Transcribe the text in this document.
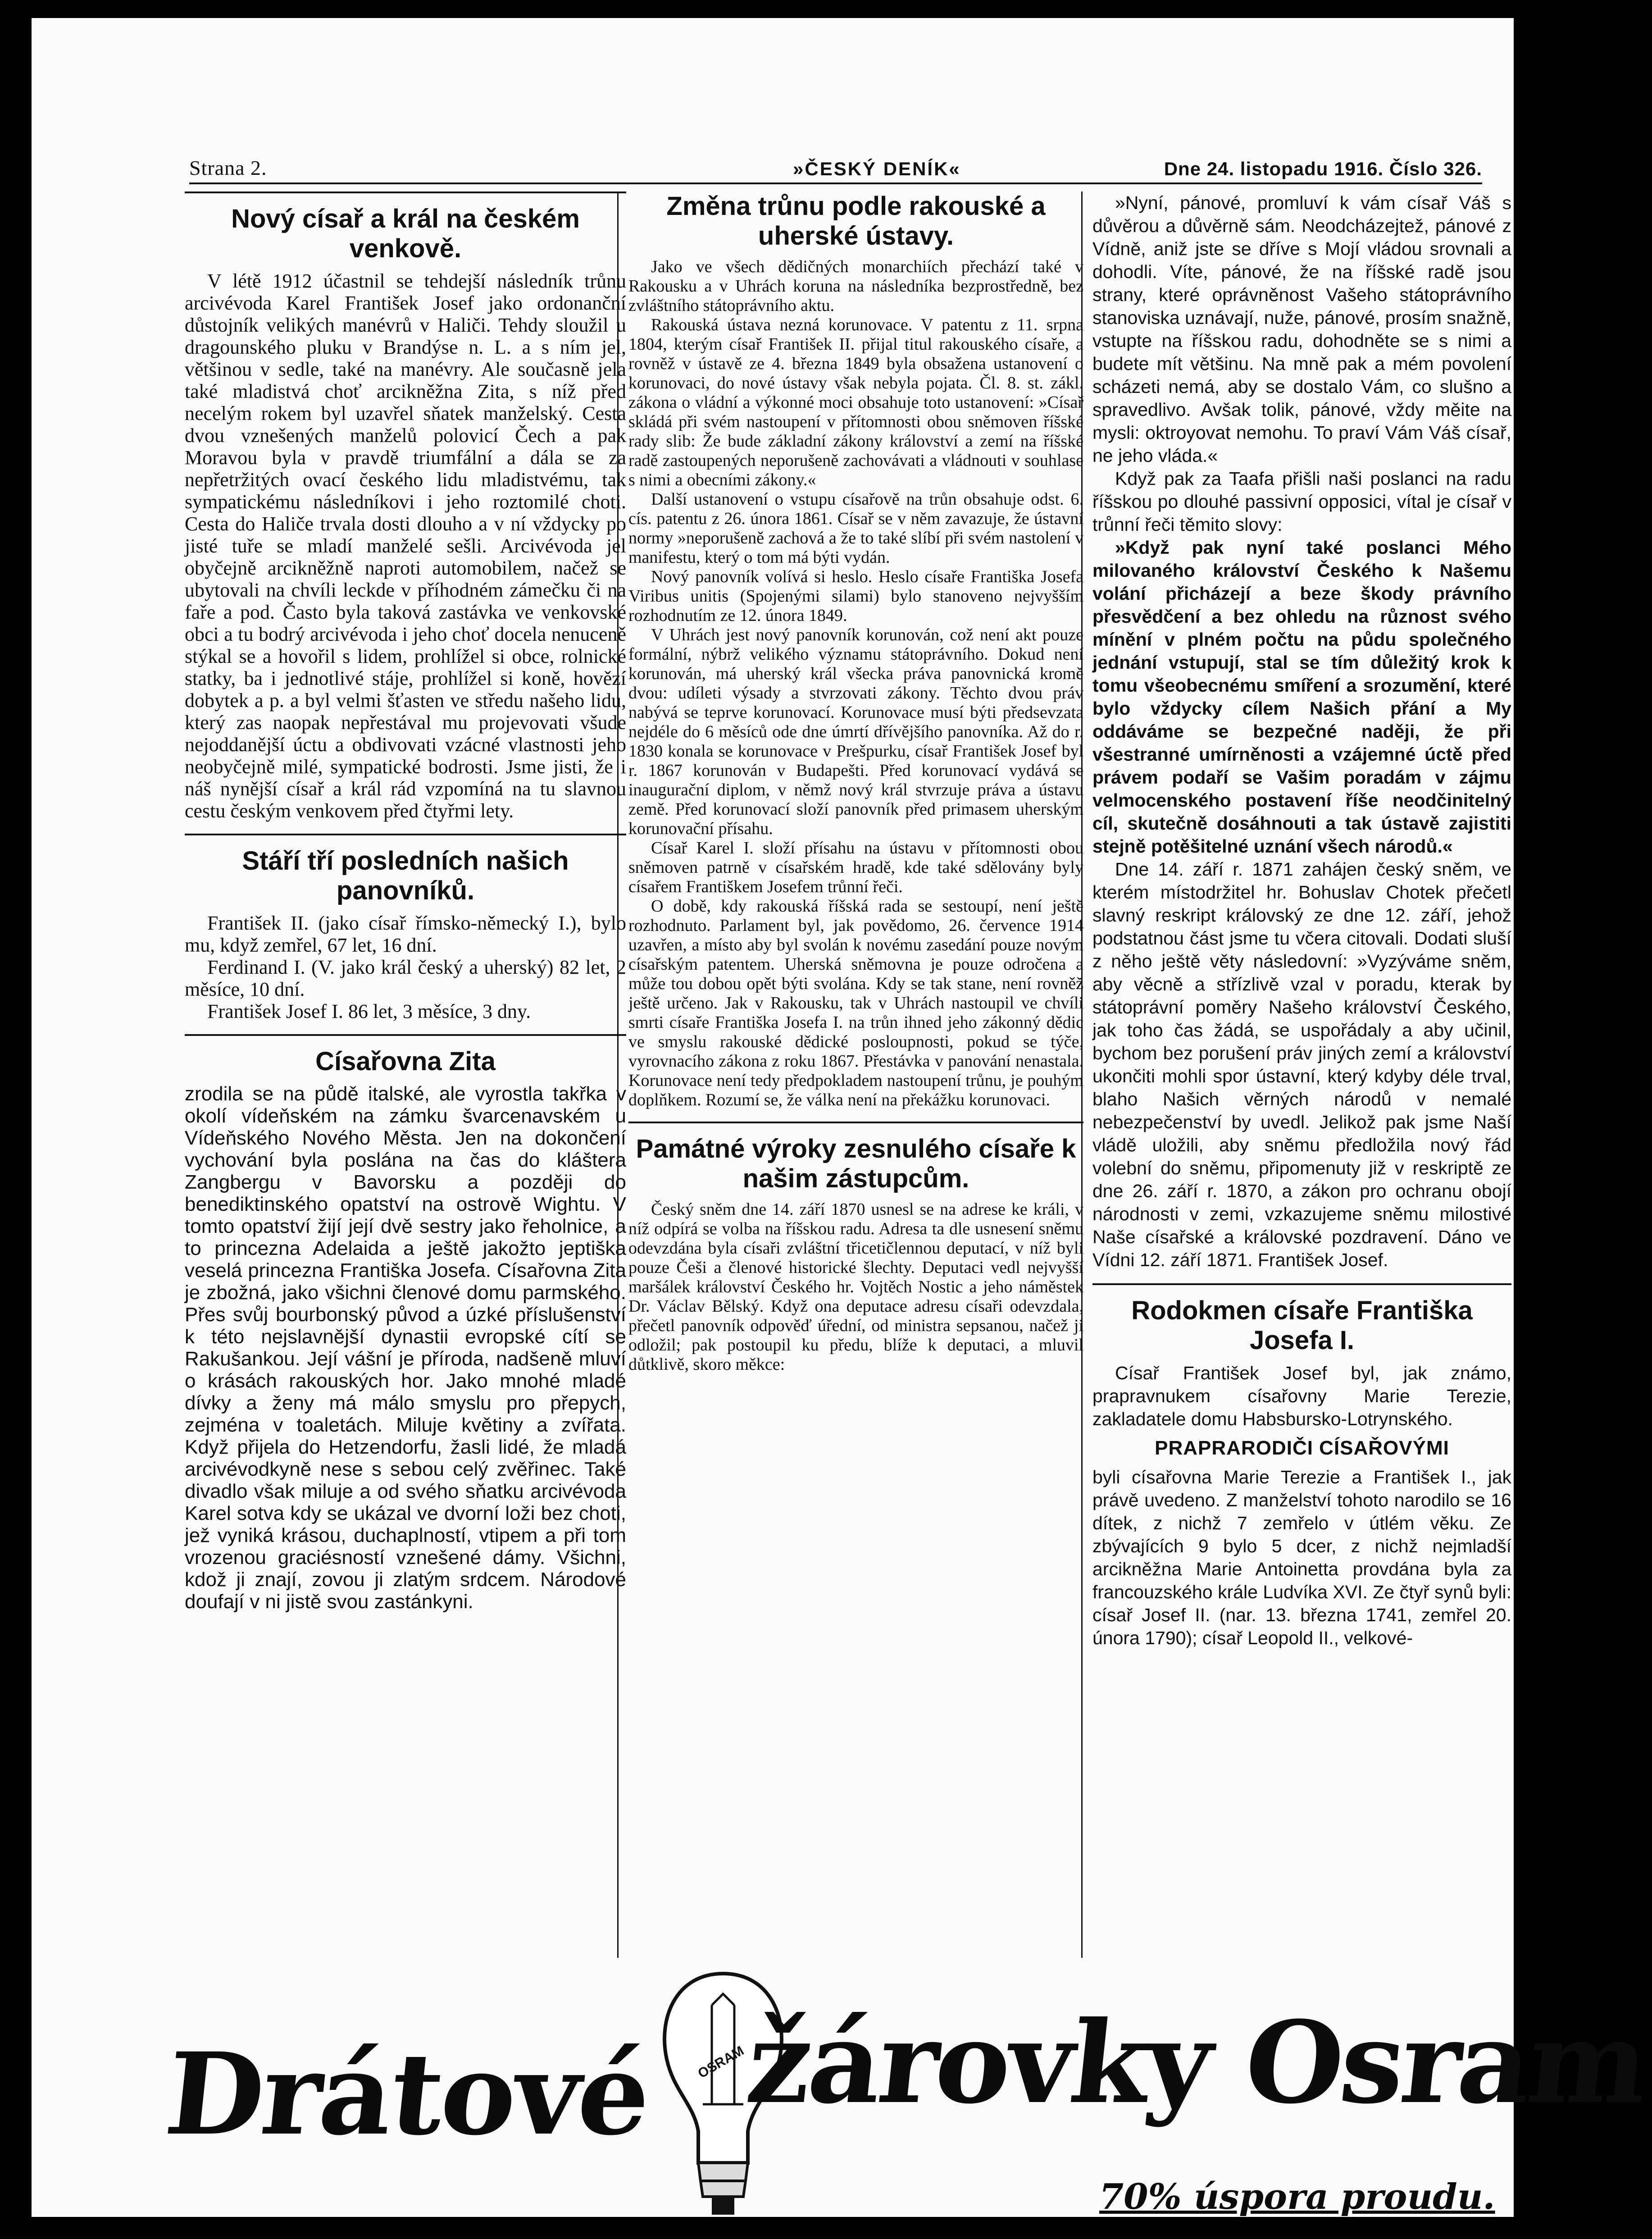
Strana 2.	»ČESKÝ DENÍK«	Dne 24. listopadu 1916. Číslo 326.
Nový císař a král na českém venkově.

V létě 1912 účastnil se tehdejší následník trůnu arcivévoda Karel František Josef jako ordonanční důstojník velikých manévrů v Haliči. Tehdy sloužil u dragounského pluku v Brandýse n. L. a s ním jel, většinou v sedle, také na manévry. Ale současně jela také mladistvá choť arcikněžna Zita, s níž před necelým rokem byl uzavřel sňatek manželský. Cesta dvou vznešených manželů polovicí Čech a pak Moravou byla v pravdě triumfální a dála se za nepřetržitých ovací českého lidu mladistvému, tak sympatickému následníkovi i jeho roztomilé choti. Cesta do Haliče trvala dosti dlouho a v ní vždycky po jisté tuře se mladí manželé sešli. Arcivévoda jel obyčejně arcikněžně naproti automobilem, načež se ubytovali na chvíli leckde v příhodném zámečku či na faře a pod. Často byla taková zastávka ve venkovské obci a tu bodrý arcivévoda i jeho choť docela nenuceně stýkal se a hovořil s lidem, prohlížel si obce, rolnické statky, ba i jednotlivé stáje, prohlížel si koně, hovězí dobytek a p. a byl velmi šťasten ve středu našeho lidu, který zas naopak nepřestával mu projevovati všude nejoddanější úctu a obdivovati vzácné vlastnosti jeho neobyčejně milé, sympatické bodrosti. Jsme jisti, že i náš nynější císař a král rád vzpomíná na tu slavnou cestu českým venkovem před čtyřmi lety.

Stáří tří posledních našich panovníků.

František II. (jako císař římsko-německý I.), bylo mu, když zemřel, 67 let, 16 dní.

Ferdinand I. (V. jako král český a uherský) 82 let, 2 měsíce, 10 dní.

František Josef I. 86 let, 3 měsíce, 3 dny.

Císařovna Zita

zrodila se na půdě italské, ale vyrostla takřka v okolí vídeňském na zámku švarcenavském u Vídeňského Nového Města. Jen na dokončení vychování byla poslána na čas do kláštera Zangbergu v Bavorsku a později do benediktinského opatství na ostrově Wightu. V tomto opatství žijí její dvě sestry jako řeholnice, a to princezna Adelaida a ještě jakožto jeptiška veselá princezna Františka Josefa. Císařovna Zita je zbožná, jako všichni členové domu parmského. Přes svůj bourbonský původ a úzké příslušenství k této nejslavnější dynastii evropské cítí se Rakušankou. Její vášní je příroda, nadšeně mluví o krásách rakouských hor. Jako mnohé mladé dívky a ženy má málo smyslu pro přepych, zejména v toaletách. Miluje květiny a zvířata. Když přijela do Hetzendorfu, žasli lidé, že mladá arcivévodkyně nese s sebou celý zvěřinec. Také divadlo však miluje a od svého sňatku arcivévoda Karel sotva kdy se ukázal ve dvorní loži bez choti, jež vyniká krásou, duchaplností, vtipem a při tom vrozenou graciésností vznešené dámy. Všichni, kdož ji znají, zovou ji zlatým srdcem. Národové doufají v ni jistě svou zastánkyni.

Změna trůnu podle rakouské a uherské ústavy.

Jako ve všech dědičných monarchiích přechází také v Rakousku a v Uhrách koruna na následníka bezprostředně, bez zvláštního státoprávního aktu.

Rakouská ústava nezná korunovace. V patentu z 11. srpna 1804, kterým císař František II. přijal titul rakouského císaře, a rovněž v ústavě ze 4. března 1849 byla obsažena ustanovení o korunovaci, do nové ústavy však nebyla pojata. Čl. 8. st. zákl. zákona o vládní a výkonné moci obsahuje toto ustanovení: »Císař skládá při svém nastoupení v přítomnosti obou sněmoven říšské rady slib: Že bude základní zákony království a zemí na říšské radě zastoupených neporušeně zachovávati a vládnouti v souhlase s nimi a obecními zákony.«

Další ustanovení o vstupu císařově na trůn obsahuje odst. 6. cís. patentu z 26. února 1861. Císař se v něm zavazuje, že ústavní normy »neporušeně zachová a že to také slíbí při svém nastolení v manifestu, který o tom má býti vydán.

Nový panovník volívá si heslo. Heslo císaře Františka Josefa Viribus unitis (Spojenými silami) bylo stanoveno nejvyšším rozhodnutím ze 12. února 1849.

V Uhrách jest nový panovník korunován, což není akt pouze formální, nýbrž velikého významu státoprávního. Dokud není korunován, má uherský král všecka práva panovnická kromě dvou: udíleti výsady a stvrzovati zákony. Těchto dvou práv nabývá se teprve korunovací. Korunovace musí býti předsevzata nejdéle do 6 měsíců ode dne úmrtí dřívějšího panovníka. Až do r. 1830 konala se korunovace v Prešpurku, císař František Josef byl r. 1867 korunován v Budapešti. Před korunovací vydává se inaugurační diplom, v němž nový král stvrzuje práva a ústavu země. Před korunovací složí panovník před primasem uherským korunovační přísahu.

Císař Karel I. složí přísahu na ústavu v přítomnosti obou sněmoven patrně v císařském hradě, kde také sdělovány byly císařem Františkem Josefem trůnní řeči.

O době, kdy rakouská říšská rada se sestoupí, není ještě rozhodnuto. Parlament byl, jak povědomo, 26. července 1914 uzavřen, a místo aby byl svolán k novému zasedání pouze novým císařským patentem. Uherská sněmovna je pouze odročena a může tou dobou opět býti svolána. Kdy se tak stane, není rovněž ještě určeno. Jak v Rakousku, tak v Uhrách nastoupil ve chvíli smrti císaře Františka Josefa I. na trůn ihned jeho zákonný dědic ve smyslu rakouské dědické posloupnosti, pokud se týče, vyrovnacího zákona z roku 1867. Přestávka v panování nenastala. Korunovace není tedy předpokladem nastoupení trůnu, je pouhým doplňkem. Rozumí se, že válka není na překážku korunovaci.

Památné výroky zesnulého císaře k našim zástupcům.

Český sněm dne 14. září 1870 usnesl se na adrese ke králi, v níž odpírá se volba na říšskou radu. Adresa ta dle usnesení sněmu odevzdána byla císaři zvláštní třicetičlennou deputací, v níž byli pouze Češi a členové historické šlechty. Deputaci vedl nejvyšší maršálek království Českého hr. Vojtěch Nostic a jeho náměstek Dr. Václav Bělský. Když ona deputace adresu císaři odevzdala, přečetl panovník odpověď úřední, od ministra sepsanou, načež ji odložil; pak postoupil ku předu, blíže k deputaci, a mluvil důtklivě, skoro měkce:

»Nyní, pánové, promluví k vám císař Váš s důvěrou a důvěrně sám. Neodcházejtež, pánové z Vídně, aniž jste se dříve s Mojí vládou srovnali a dohodli. Víte, pánové, že na říšské radě jsou strany, které oprávněnost Vašeho státoprávního stanoviska uznávají, nuže, pánové, prosím snažně, vstupte na říšskou radu, dohodněte se s nimi a budete mít většinu. Na mně pak a mém povolení scházeti nemá, aby se dostalo Vám, co slušno a spravedlivo. Avšak tolik, pánové, vždy měite na mysli: oktroyovat nemohu. To praví Vám Váš císař, ne jeho vláda.«

Když pak za Taafa přišli naši poslanci na radu říšskou po dlouhé passivní opposici, vítal je císař v trůnní řeči těmito slovy:

»Když pak nyní také poslanci Mého milovaného království Českého k Našemu volání přicházejí a beze škody právního přesvědčení a bez ohledu na různost svého mínění v plném počtu na půdu společného jednání vstupují, stal se tím důležitý krok k tomu všeobecnému smíření a srozumění, které bylo vždycky cílem Našich přání a My oddáváme se bezpečné naději, že při všestranné umírněnosti a vzájemné úctě před právem podaří se Vašim poradám v zájmu velmocenského postavení říše neodčinitelný cíl, skutečně dosáhnouti a tak ústavě zajistiti stejně potěšitelné uznání všech národů.«

Dne 14. září r. 1871 zahájen český sněm, ve kterém místodržitel hr. Bohuslav Chotek přečetl slavný reskript královský ze dne 12. září, jehož podstatnou část jsme tu včera citovali. Dodati sluší z něho ještě věty následovní: »Vyzýváme sněm, aby věcně a střízlivě vzal v poradu, kterak by státoprávní poměry Našeho království Českého, jak toho čas žádá, se uspořádaly a aby učinil, bychom bez porušení práv jiných zemí a království ukončiti mohli spor ústavní, který kdyby déle trval, blaho Našich věrných národů v nemalé nebezpečenství by uvedl. Jelikož pak jsme Naší vládě uložili, aby sněmu předložila nový řád volební do sněmu, připomenuty již v reskriptě ze dne 26. září r. 1870, a zákon pro ochranu obojí národnosti v zemi, vzkazujeme sněmu milostivé Naše císařské a královské pozdravení. Dáno ve Vídni 12. září 1871. František Josef.

Rodokmen císaře Františka Josefa I.

Císař František Josef byl, jak známo, prapravnukem císařovny Marie Terezie, zakladatele domu Habsbursko-Lotrynského.

PRAPRARODIČI CÍSAŘOVÝMI

byli císařovna Marie Terezie a František I., jak právě uvedeno. Z manželství tohoto narodilo se 16 dítek, z nichž 7 zemřelo v útlém věku. Ze zbývajících 9 bylo 5 dcer, z nichž nejmladší arcikněžna Marie Antoinetta provdána byla za francouzského krále Ludvíka XVI. Ze čtyř synů byli: císař Josef II. (nar. 13. března 1741, zemřel 20. února 1790); císař Leopold II., velkové-

Drátové	OSRAM
žárovky Osram
70% úspora proudu.
